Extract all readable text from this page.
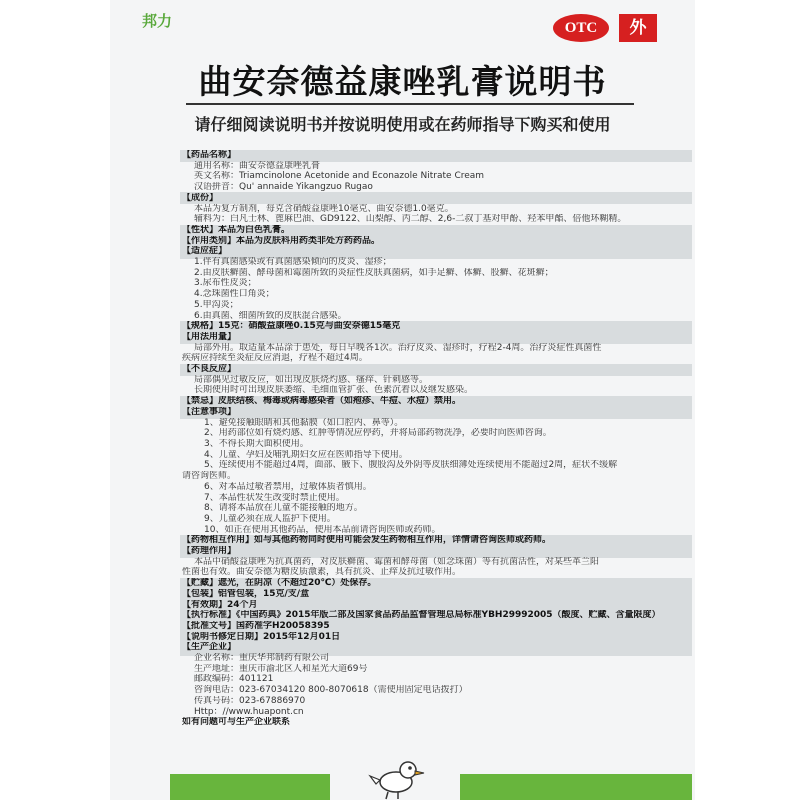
邦力	OTC	外
曲安奈德益康唑乳膏说明书
请仔细阅读说明书并按说明使用或在药师指导下购买和使用

【药品名称】

通用名称：曲安奈德益康唑乳膏

英文名称：Triamcinolone Acetonide and Econazole Nitrate Cream

汉语拼音：Qu' annaide Yikangzuo Rugao

【成份】

本品为复方制剂，每克含硝酸益康唑10毫克、曲安奈德1.0毫克。

辅料为：白凡士林、蓖麻巴油、GD9122、山梨醇、丙二醇、2,6-二叔丁基对甲酚、羟苯甲酯、倍他环糊精。

【性状】本品为白色乳膏。

【作用类别】本品为皮肤科用药类非处方药药品。

【适应症】

1.伴有真菌感染或有真菌感染倾向的皮炎、湿疹；

2.由皮肤癣菌、酵母菌和霉菌所致的炎症性皮肤真菌病，如手足癣、体癣、股癣、花斑癣；

3.尿布性皮炎；

4.念珠菌性口角炎；

5.甲沟炎；

6.由真菌、细菌所致的皮肤混合感染。

【规格】15克：硝酸益康唑0.15克与曲安奈德15毫克

【用法用量】

局部外用。取适量本品涂于患处，每日早晚各1次。治疗皮炎、湿疹时，疗程2-4周。治疗炎症性真菌性

疾病应持续至炎症反应消退，疗程不超过4周。

【不良反应】

局部偶见过敏反应，如出现皮肤烧灼感、瘙痒、针刺感等。

长期使用时可出现皮肤萎缩、毛细血管扩张、色素沉着以及继发感染。

【禁忌】皮肤结核、梅毒或病毒感染者（如疱疹、牛痘、水痘）禁用。

【注意事项】

1、避免接触眼睛和其他黏膜（如口腔内、鼻等）。

2、用药部位如有烧灼感、红肿等情况应停药，并将局部药物洗净，必要时向医师咨询。

3、不得长期大面积使用。

4、儿童、孕妇及哺乳期妇女应在医师指导下使用。

5、连续使用不能超过4周，面部、腋下、腹股沟及外阴等皮肤细薄处连续使用不能超过2周，症状不缓解

请咨询医师。

6、对本品过敏者禁用，过敏体质者慎用。

7、本品性状发生改变时禁止使用。

8、请将本品放在儿童不能接触的地方。

9、儿童必须在成人监护下使用。

10、如正在使用其他药品，使用本品前请咨询医师或药师。

【药物相互作用】如与其他药物同时使用可能会发生药物相互作用，详情请咨询医师或药师。

【药理作用】

本品中硝酸益康唑为抗真菌药，对皮肤癣菌、霉菌和酵母菌（如念珠菌）等有抗菌活性，对某些革兰阳

性菌也有效。曲安奈德为糖皮质激素，具有抗炎、止痒及抗过敏作用。

【贮藏】遮光，在阴凉（不超过20℃）处保存。

【包装】铝管包装，15克/支/盒

【有效期】24个月

【执行标准】《中国药典》2015年版二部及国家食品药品监督管理总局标准YBH29992005（酸度、贮藏、含量限度）

【批准文号】国药准字H20058395

【说明书修定日期】2015年12月01日

【生产企业】

企业名称：重庆华邦制药有限公司

生产地址：重庆市渝北区人和星光大道69号

邮政编码：401121

咨询电话：023-67034120 800-8070618（需使用固定电话拨打）

传真号码：023-67886970

Http：//www.huapont.cn

如有问题可与生产企业联系
